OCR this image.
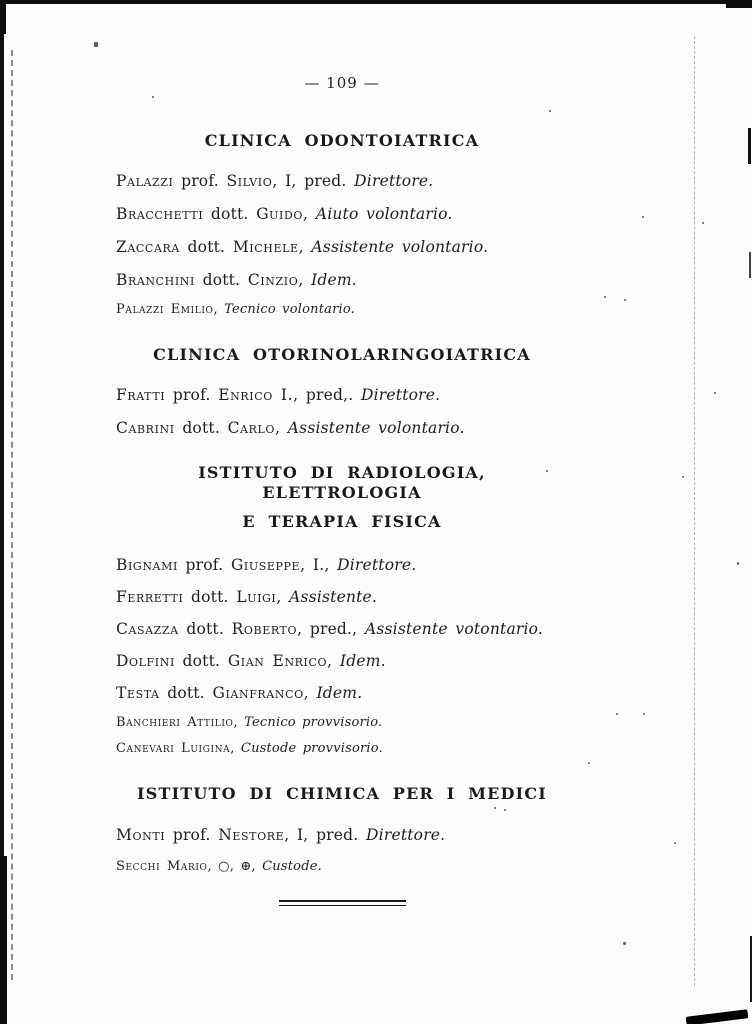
— 109 —

CLINICA ODONTOIATRICA

Palazzi prof. Silvio, I, pred. Direttore.

Bracchetti dott. Guido, Aiuto volontario.

Zaccara dott. Michele, Assistente volontario.

Branchini dott. Cinzio, Idem.

Palazzi Emilio, Tecnico volontario.

CLINICA OTORINOLARINGOIATRICA

Fratti prof. Enrico I., pred,. Direttore.

Cabrini dott. Carlo, Assistente volontario.

ISTITUTO DI RADIOLOGIA, ELETTROLOGIA
E TERAPIA FISICA

Bignami prof. Giuseppe, I., Direttore.

Ferretti dott. Luigi, Assistente.

Casazza dott. Roberto, pred., Assistente votontario.

Dolfini dott. Gian Enrico, Idem.

Testa dott. Gianfranco, Idem.

Banchieri Attilio, Tecnico provvisorio.

Canevari Luigina, Custode provvisorio.

ISTITUTO DI CHIMICA PER I MEDICI

Monti prof. Nestore, I, pred. Direttore.

Secchi Mario, ○, ⊕, Custode.
